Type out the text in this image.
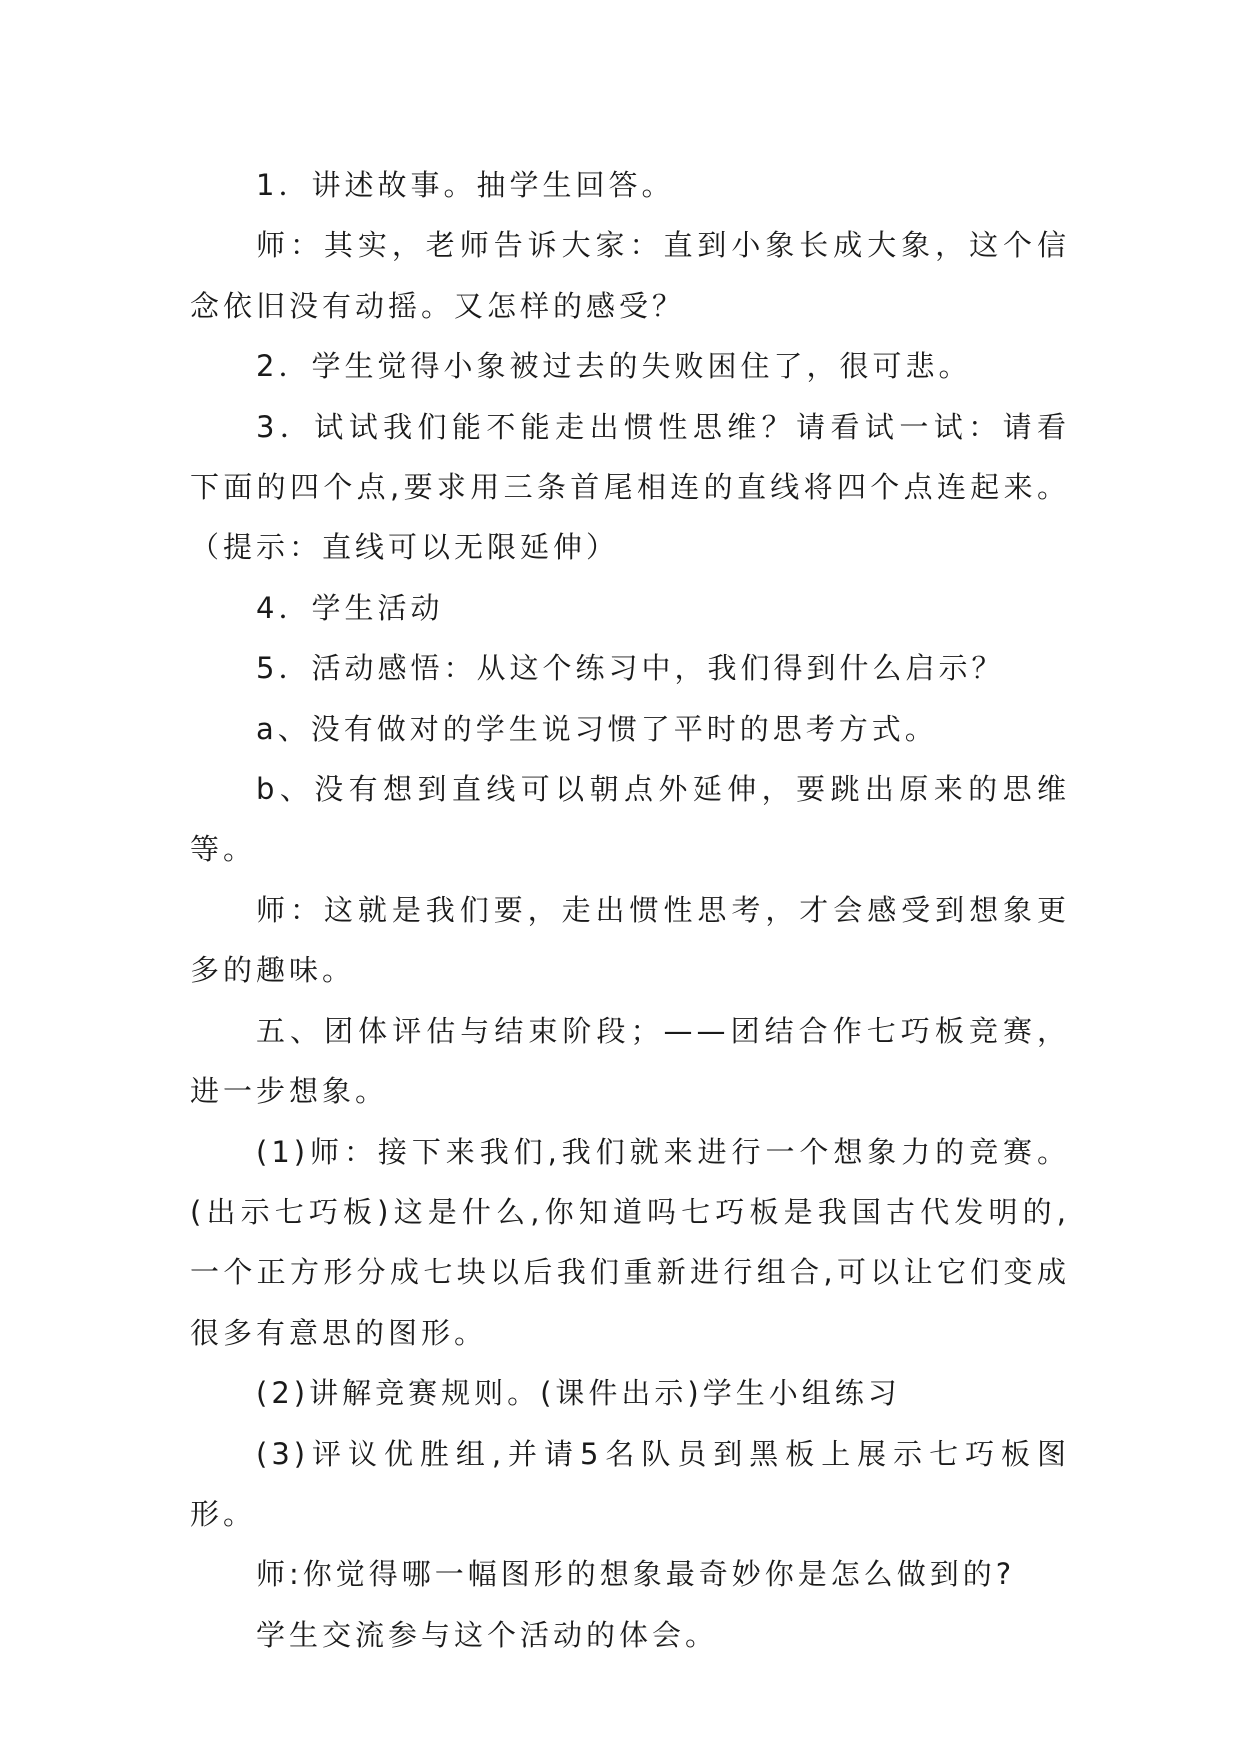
1．讲述故事。抽学生回答。

师：其实，老师告诉大家：直到小象长成大象，这个信念依旧没有动摇。又怎样的感受？

2．学生觉得小象被过去的失败困住了，很可悲。

3．试试我们能不能走出惯性思维？请看试一试：请看下面的四个点,要求用三条首尾相连的直线将四个点连起来。（提示：直线可以无限延伸）

4．学生活动

5．活动感悟：从这个练习中，我们得到什么启示？

a、没有做对的学生说习惯了平时的思考方式。

b、没有想到直线可以朝点外延伸，要跳出原来的思维等。

师：这就是我们要，走出惯性思考，才会感受到想象更多的趣味。

五、团体评估与结束阶段；——团结合作七巧板竞赛，进一步想象。

(1)师：接下来我们,我们就来进行一个想象力的竞赛。(出示七巧板)这是什么,你知道吗七巧板是我国古代发明的,一个正方形分成七块以后我们重新进行组合,可以让它们变成很多有意思的图形。

(2)讲解竞赛规则。(课件出示)学生小组练习

(3)评议优胜组,并请5名队员到黑板上展示七巧板图形。

师:你觉得哪一幅图形的想象最奇妙你是怎么做到的?

学生交流参与这个活动的体会。
